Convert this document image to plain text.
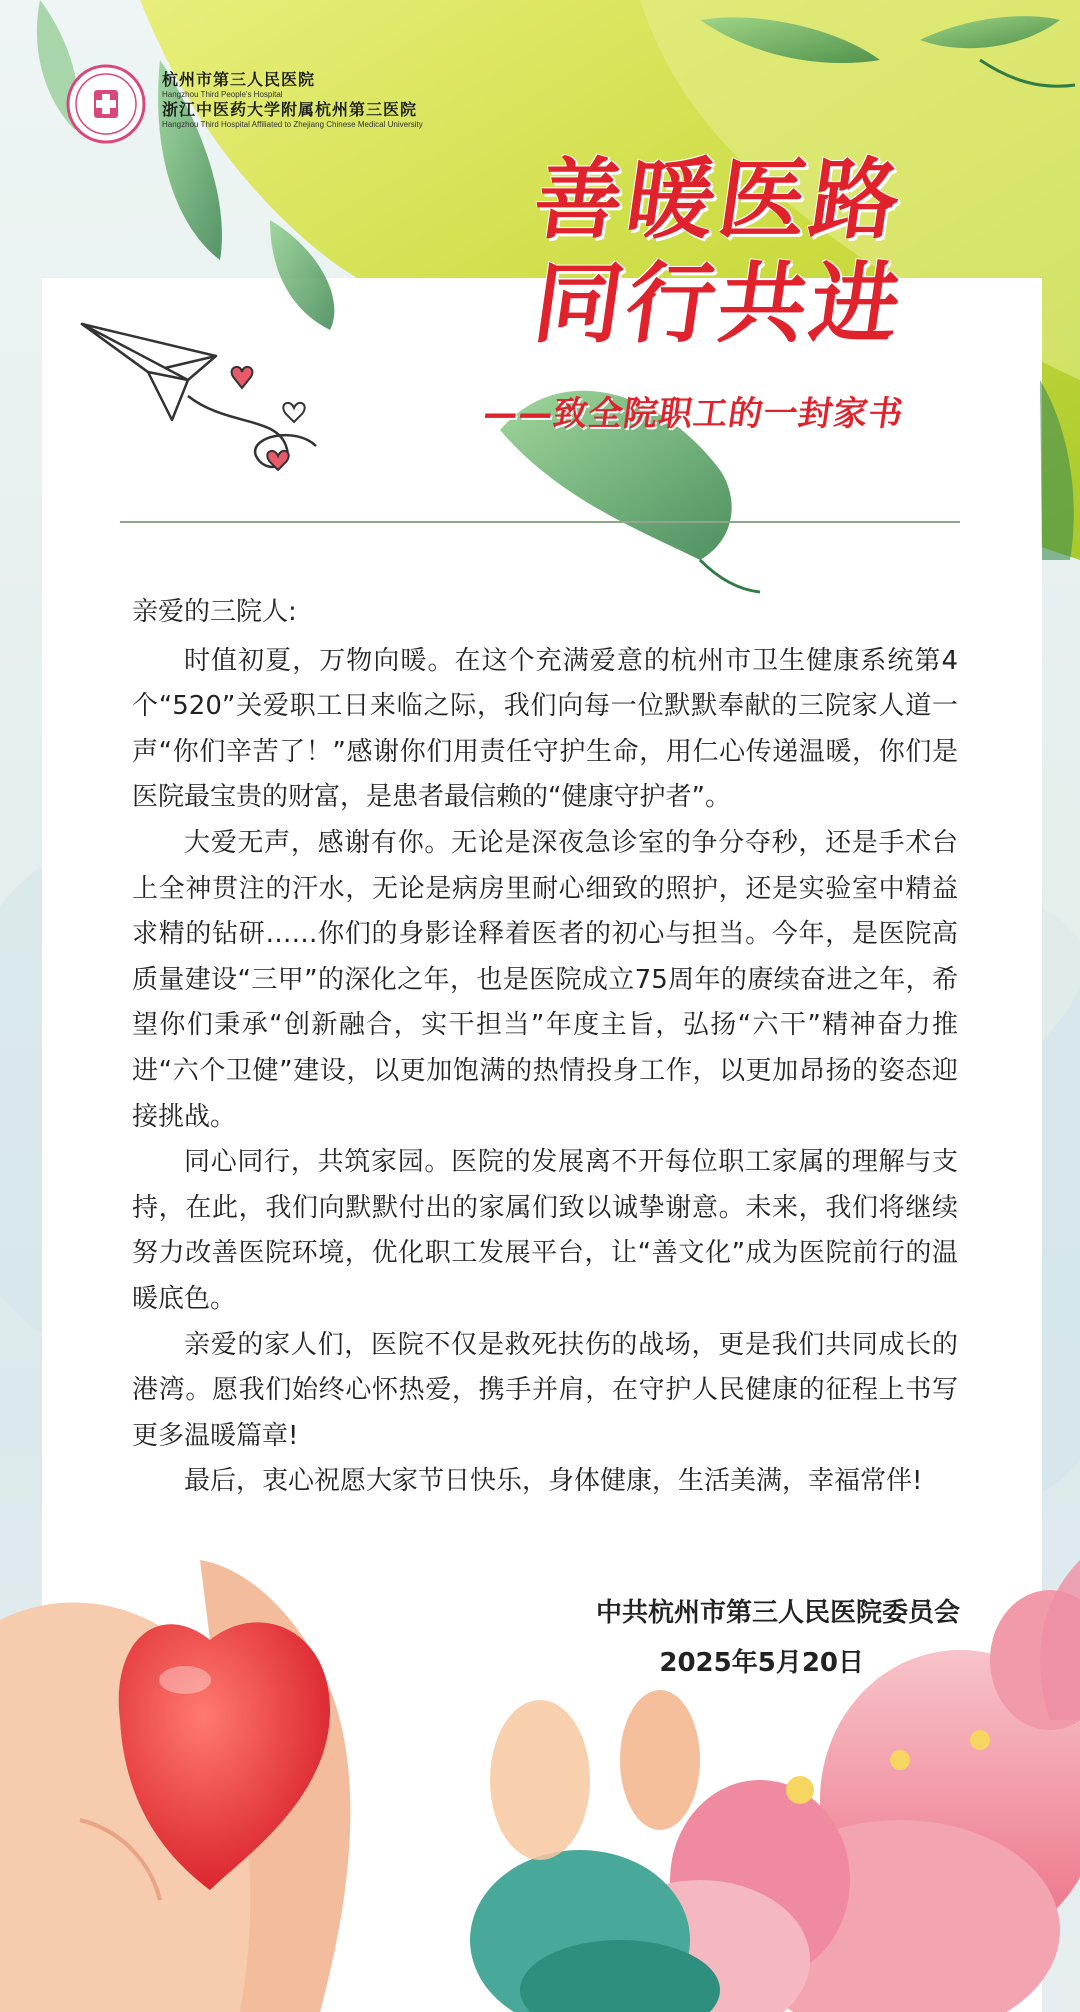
杭州市第三人民医院
Hangzhou Third People's Hospital
浙江中医药大学附属杭州第三医院
Hangzhou Third Hospital Affiliated to Zhejiang Chinese Medical University
善暖医路
同行共进
——致全院职工的一封家书

亲爱的三院人:

时值初夏，万物向暖。在这个充满爱意的杭州市卫生健康系统第4个“520”关爱职工日来临之际，我们向每一位默默奉献的三院家人道一声“你们辛苦了！”感谢你们用责任守护生命，用仁心传递温暖，你们是医院最宝贵的财富，是患者最信赖的“健康守护者”。

大爱无声，感谢有你。无论是深夜急诊室的争分夺秒，还是手术台上全神贯注的汗水，无论是病房里耐心细致的照护，还是实验室中精益求精的钻研……你们的身影诠释着医者的初心与担当。今年，是医院高质量建设“三甲”的深化之年，也是医院成立75周年的赓续奋进之年，希望你们秉承“创新融合，实干担当”年度主旨，弘扬“六干”精神奋力推进“六个卫健”建设，以更加饱满的热情投身工作，以更加昂扬的姿态迎接挑战。

同心同行，共筑家园。医院的发展离不开每位职工家属的理解与支持，在此，我们向默默付出的家属们致以诚挚谢意。未来，我们将继续努力改善医院环境，优化职工发展平台，让“善文化”成为医院前行的温暖底色。

亲爱的家人们，医院不仅是救死扶伤的战场，更是我们共同成长的港湾。愿我们始终心怀热爱，携手并肩，在守护人民健康的征程上书写更多温暖篇章!

最后，衷心祝愿大家节日快乐，身体健康，生活美满，幸福常伴!

中共杭州市第三人民医院委员会
2025年5月20日
